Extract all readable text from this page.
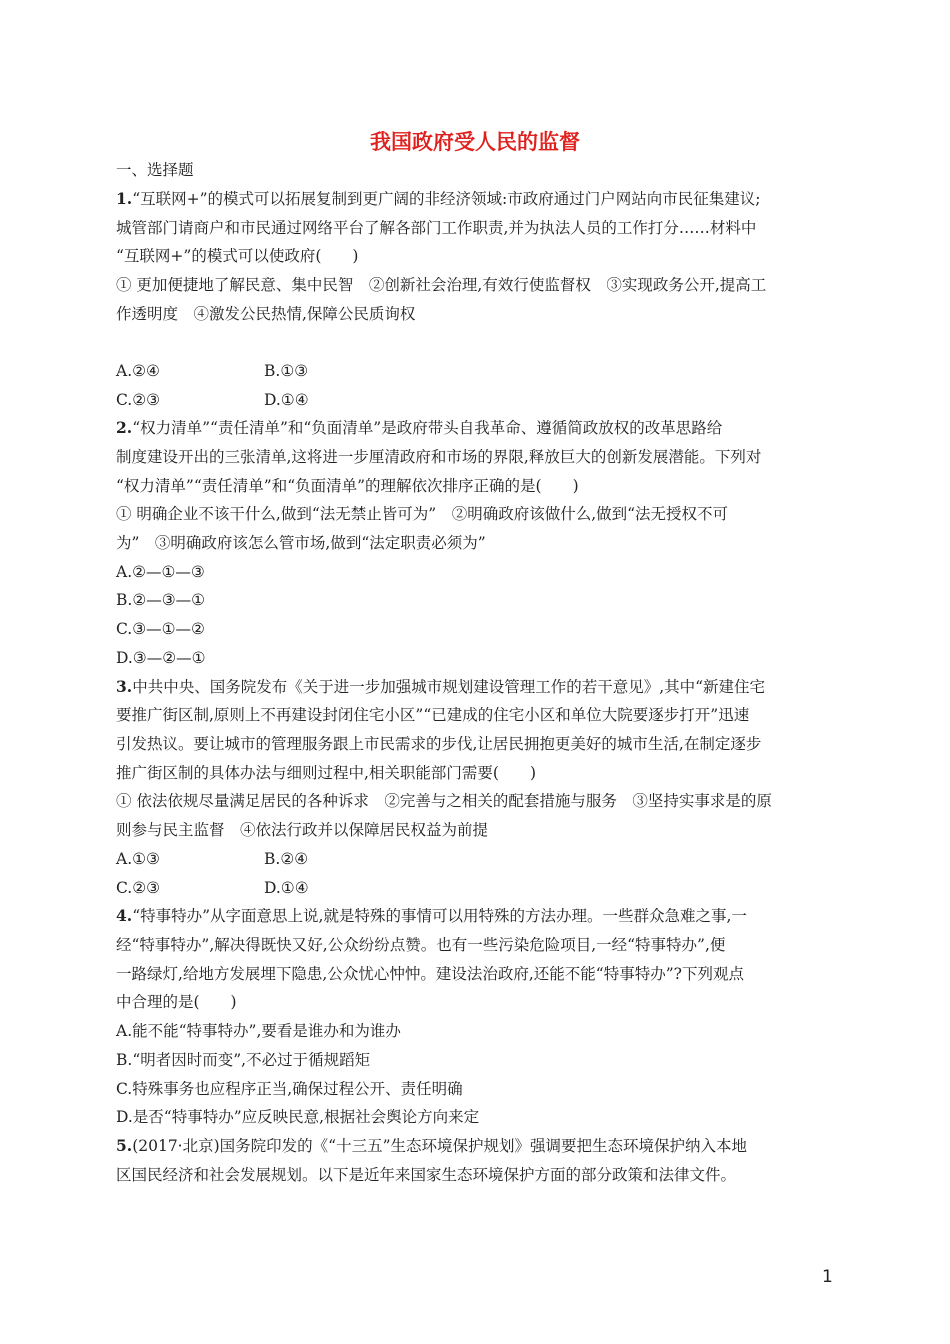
我国政府受人民的监督
一、选择题
1.“互联网+”的模式可以拓展复制到更广阔的非经济领域:市政府通过门户网站向市民征集建议;
城管部门请商户和市民通过网络平台了解各部门工作职责,并为执法人员的工作打分……材料中
“互联网+”的模式可以使政府(　　)
① 更加便捷地了解民意、集中民智　②创新社会治理,有效行使监督权　③实现政务公开,提高工
作透明度　④激发公民热情,保障公民质询权
A.②④	B.①③
C.②③	D.①④
2.“权力清单”“责任清单”和“负面清单”是政府带头自我革命、遵循简政放权的改革思路给
制度建设开出的三张清单,这将进一步厘清政府和市场的界限,释放巨大的创新发展潜能。下列对
“权力清单”“责任清单”和“负面清单”的理解依次排序正确的是(　　)
① 明确企业不该干什么,做到“法无禁止皆可为”　②明确政府该做什么,做到“法无授权不可
为”　③明确政府该怎么管市场,做到“法定职责必须为”
A.②—①—③
B.②—③—①
C.③—①—②
D.③—②—①
3.中共中央、国务院发布《关于进一步加强城市规划建设管理工作的若干意见》,其中“新建住宅
要推广街区制,原则上不再建设封闭住宅小区”“已建成的住宅小区和单位大院要逐步打开”迅速
引发热议。要让城市的管理服务跟上市民需求的步伐,让居民拥抱更美好的城市生活,在制定逐步
推广街区制的具体办法与细则过程中,相关职能部门需要(　　)
① 依法依规尽量满足居民的各种诉求　②完善与之相关的配套措施与服务　③坚持实事求是的原
则参与民主监督　④依法行政并以保障居民权益为前提
A.①③	B.②④
C.②③	D.①④
4.“特事特办”从字面意思上说,就是特殊的事情可以用特殊的方法办理。一些群众急难之事,一
经“特事特办”,解决得既快又好,公众纷纷点赞。也有一些污染危险项目,一经“特事特办”,便
一路绿灯,给地方发展埋下隐患,公众忧心忡忡。建设法治政府,还能不能“特事特办”?下列观点
中合理的是(　　)
A.能不能“特事特办”,要看是谁办和为谁办
B.“明者因时而变”,不必过于循规蹈矩
C.特殊事务也应程序正当,确保过程公开、责任明确
D.是否“特事特办”应反映民意,根据社会舆论方向来定
5.(2017·北京)国务院印发的《“十三五”生态环境保护规划》强调要把生态环境保护纳入本地
区国民经济和社会发展规划。以下是近年来国家生态环境保护方面的部分政策和法律文件。
1
